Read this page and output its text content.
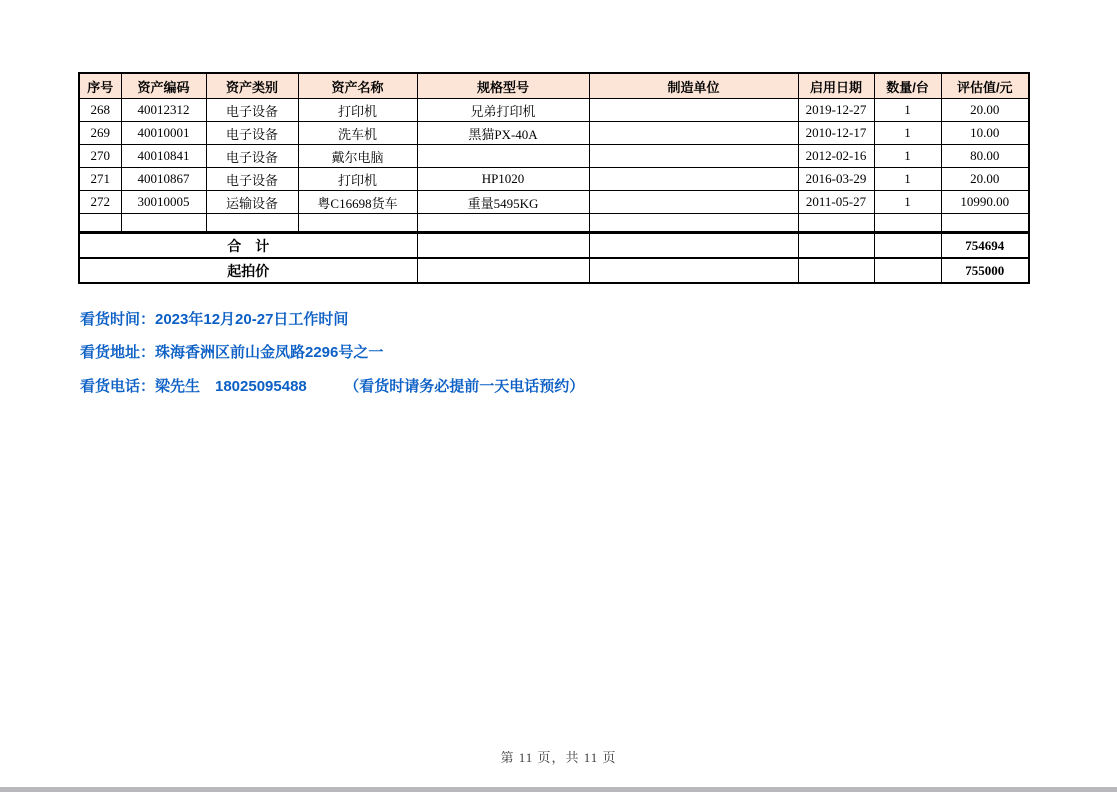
序号	资产编码	资产类别	资产名称	规格型号	制造单位	启用日期	数量/台	评估值/元
268	40012312	电子设备	打印机	兄弟打印机		2019-12-27	1	20.00
269	40010001	电子设备	洗车机	黑猫PX-40A		2010-12-17	1	10.00
270	40010841	电子设备	戴尔电脑			2012-02-16	1	80.00
271	40010867	电子设备	打印机	HP1020		2016-03-29	1	20.00
272	30010005	运输设备	粤C16698货车	重量5495KG		2011-05-27	1	10990.00

合　计								754694
起拍价								755000
看货时间：2023年12月20-27日工作时间
看货地址：珠海香洲区前山金凤路2296号之一
看货电话：梁先生　18025095488　　　（看货时请务必提前一天电话预约）
第 11 页，共 11 页
